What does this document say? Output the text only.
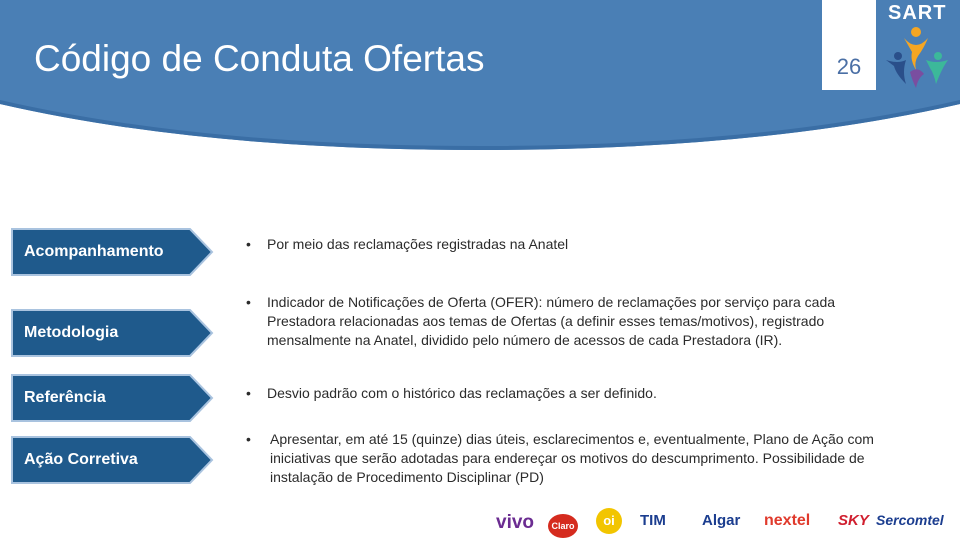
Código de Conduta Ofertas	26
SART
Acompanhamento
Metodologia
Referência
Ação Corretiva
• Por meio das reclamações registradas na Anatel
• Indicador de Notificações de Oferta (OFER): número de reclamações por serviço para cada Prestadora relacionadas aos temas de Ofertas (a definir esses temas/motivos), registrado mensalmente na Anatel, dividido pelo número de acessos de cada Prestadora (IR).
• Desvio padrão com o histórico das reclamações a ser definido.
• Apresentar, em até 15 (quinze) dias úteis, esclarecimentos e, eventualmente, Plano de Ação com iniciativas que serão adotadas para endereçar os motivos do descumprimento. Possibilidade de instalação de Procedimento Disciplinar (PD)
vivo	Claro	oi	TIM Algar nextel SKY Sercomtel
